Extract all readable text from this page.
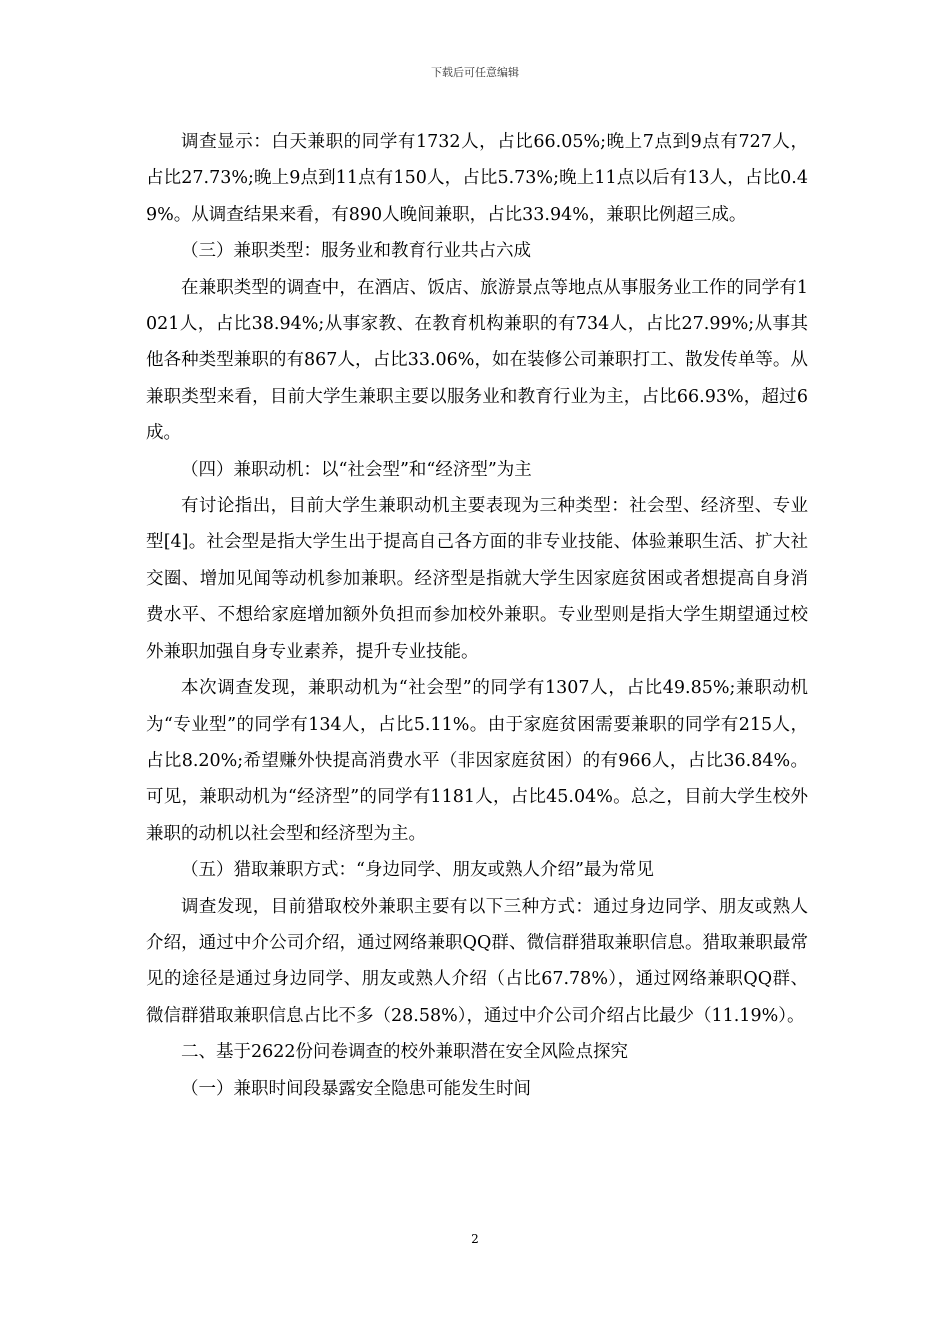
下载后可任意编辑

调查显示：白天兼职的同学有1732人，占比66.05%;晚上7点到9点有727人，占比27.73%;晚上9点到11点有150人，占比5.73%;晚上11点以后有13人，占比0.49%。从调查结果来看，有890人晚间兼职，占比33.94%，兼职比例超三成。

（三）兼职类型：服务业和教育行业共占六成

在兼职类型的调查中，在酒店、饭店、旅游景点等地点从事服务业工作的同学有1021人，占比38.94%;从事家教、在教育机构兼职的有734人，占比27.99%;从事其他各种类型兼职的有867人，占比33.06%，如在装修公司兼职打工、散发传单等。从兼职类型来看，目前大学生兼职主要以服务业和教育行业为主，占比66.93%，超过6成。

（四）兼职动机：以“社会型”和“经济型”为主

有讨论指出，目前大学生兼职动机主要表现为三种类型：社会型、经济型、专业型[4]。社会型是指大学生出于提高自己各方面的非专业技能、体验兼职生活、扩大社交圈、增加见闻等动机参加兼职。经济型是指就大学生因家庭贫困或者想提高自身消费水平、不想给家庭增加额外负担而参加校外兼职。专业型则是指大学生期望通过校外兼职加强自身专业素养，提升专业技能。

本次调查发现，兼职动机为“社会型”的同学有1307人，占比49.85%;兼职动机为“专业型”的同学有134人，占比5.11%。由于家庭贫困需要兼职的同学有215人，占比8.20%;希望赚外快提高消费水平（非因家庭贫困）的有966人，占比36.84%。可见，兼职动机为“经济型”的同学有1181人，占比45.04%。总之，目前大学生校外兼职的动机以社会型和经济型为主。

（五）猎取兼职方式：“身边同学、朋友或熟人介绍”最为常见

调查发现，目前猎取校外兼职主要有以下三种方式：通过身边同学、朋友或熟人介绍，通过中介公司介绍，通过网络兼职QQ群、微信群猎取兼职信息。猎取兼职最常见的途径是通过身边同学、朋友或熟人介绍（占比67.78%），通过网络兼职QQ群、微信群猎取兼职信息占比不多（28.58%），通过中介公司介绍占比最少（11.19%）。

二、基于2622份问卷调查的校外兼职潜在安全风险点探究

（一）兼职时间段暴露安全隐患可能发生时间

2
